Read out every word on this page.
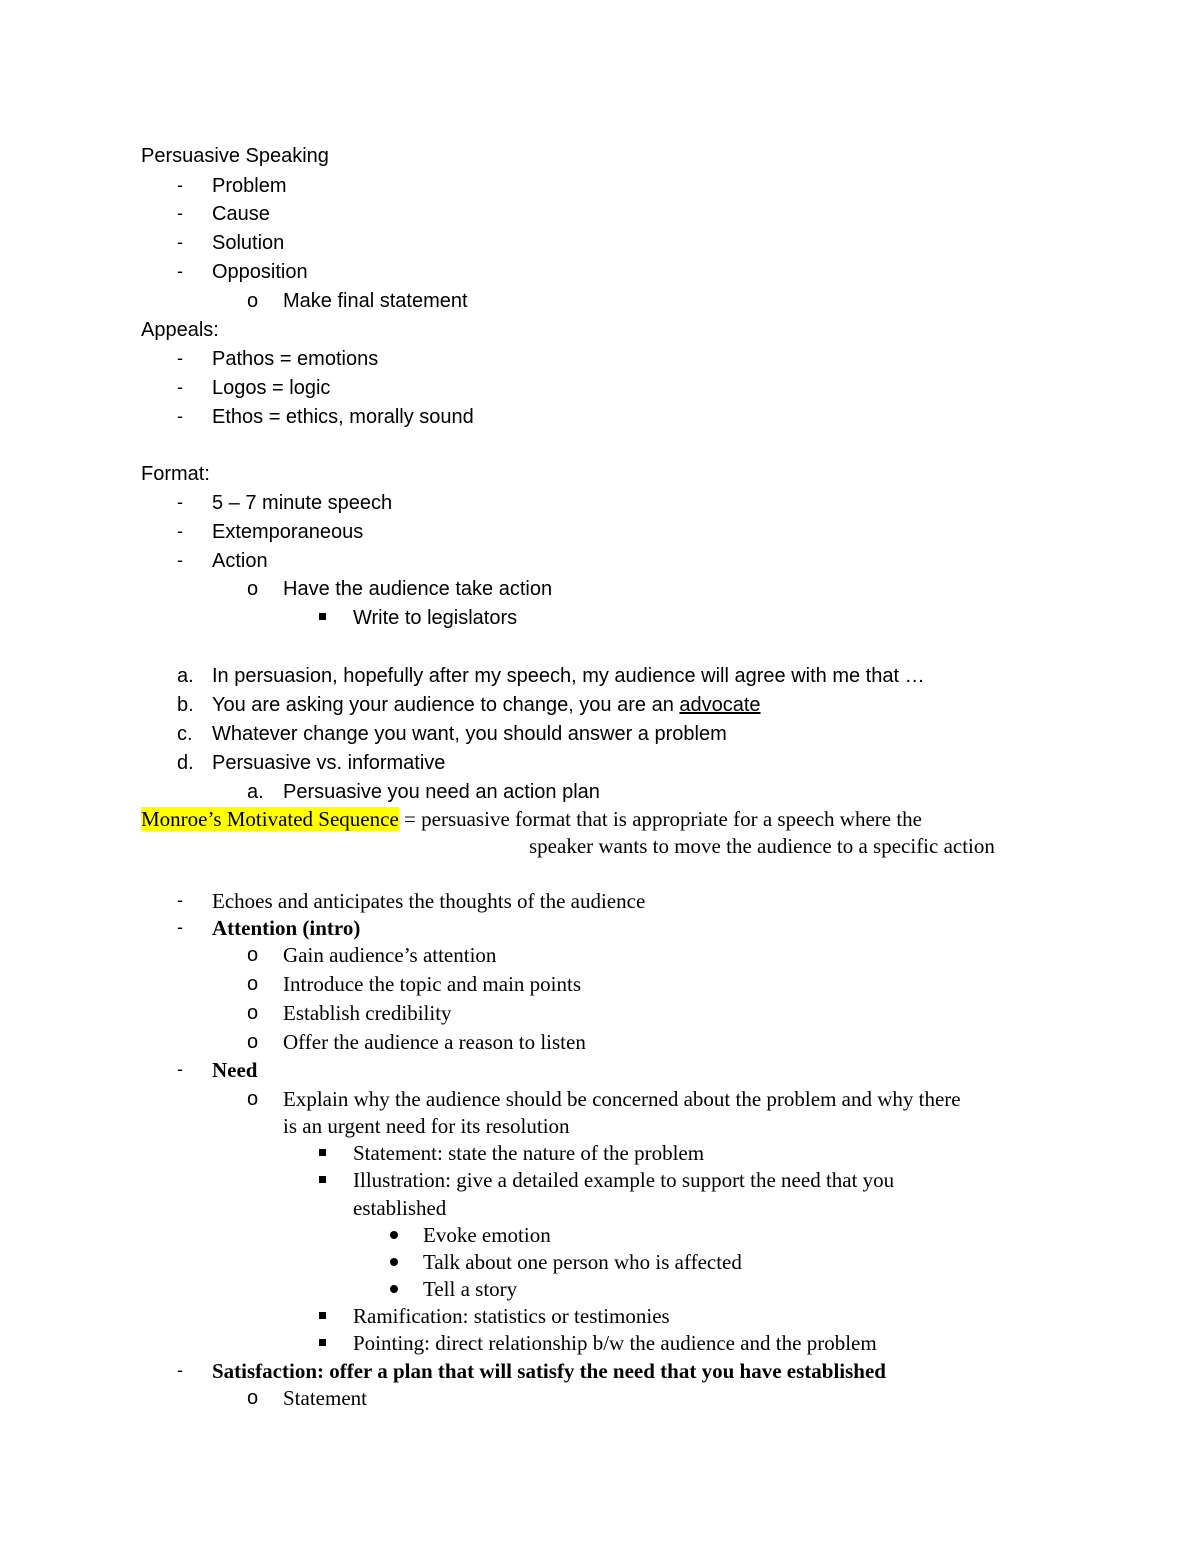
Persuasive Speaking
- Problem
- Cause
- Solution
- Opposition
o Make final statement
Appeals:
- Pathos = emotions
- Logos = logic
- Ethos = ethics, morally sound
Format:
- 5 – 7 minute speech
- Extemporaneous
- Action
o Have the audience take action
Write to legislators
a. In persuasion, hopefully after my speech, my audience will agree with me that …
b. You are asking your audience to change, you are an advocate
c. Whatever change you want, you should answer a problem
d. Persuasive vs. informative
a. Persuasive you need an action plan
Monroe’s Motivated Sequence = persuasive format that is appropriate for a speech where the
speaker wants to move the audience to a specific action
- Echoes and anticipates the thoughts of the audience
- Attention (intro)
o Gain audience’s attention
o Introduce the topic and main points
o Establish credibility
o Offer the audience a reason to listen
- Need
o Explain why the audience should be concerned about the problem and why there
is an urgent need for its resolution
Statement: state the nature of the problem
Illustration: give a detailed example to support the need that you
established
Evoke emotion
Talk about one person who is affected
Tell a story
Ramification: statistics or testimonies
Pointing: direct relationship b/w the audience and the problem
- Satisfaction: offer a plan that will satisfy the need that you have established
o Statement
